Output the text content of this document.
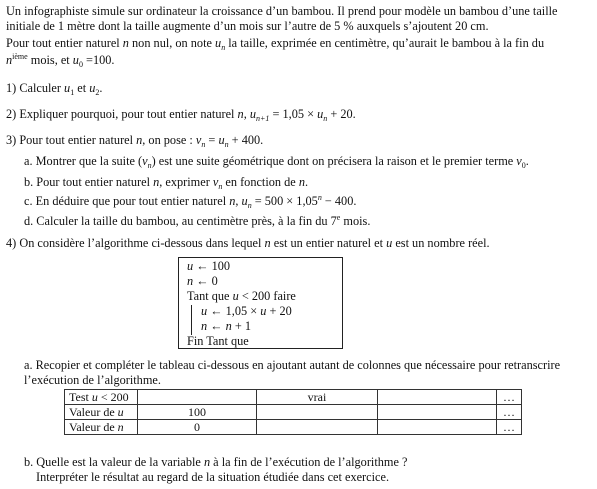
Un infographiste simule sur ordinateur la croissance d’un bambou. Il prend pour modèle un bambou d’une taille
initiale de 1 mètre dont la taille augmente d’un mois sur l’autre de 5 % auxquels s’ajoutent 20 cm.
Pour tout entier naturel n non nul, on note $u_n$ la taille, exprimée en centimètre, qu’aurait le bambou à la fin du
$n^{ième}$ mois, et $u_0 =100$.
1) Calculer $u_1$ et $u_2$.
2) Expliquer pourquoi, pour tout entier naturel n, $u_{n+1} = 1,05 \times u_n + 20$.
3) Pour tout entier naturel n, on pose : $v_n = u_n + 400$.
a. Montrer que la suite $(v_n)$ est une suite géométrique dont on précisera la raison et le premier terme $v_0$.
b. Pour tout entier naturel n, exprimer $v_n$ en fonction de n.
c. En déduire que pour tout entier naturel n, $u_n = 500 \times 1,05^n - 400$.
d. Calculer la taille du bambou, au centimètre près, à la fin du 7e mois.
4) On considère l’algorithme ci-dessous dans lequel n est un entier naturel et u est un nombre réel.
u ← 100
n ← 0
Tant que u < 200 faire
u ← 1,05 × u + 20
n ← n + 1
Fin Tant que
a. Recopier et compléter le tableau ci-dessous en ajoutant autant de colonnes que nécessaire pour retranscrire
l’exécution de l’algorithme.
Test u < 200		vrai		…
Valeur de u	100			…
Valeur de n	0			…
b. Quelle est la valeur de la variable n à la fin de l’exécution de l’algorithme ?
Interpréter le résultat au regard de la situation étudiée dans cet exercice.
